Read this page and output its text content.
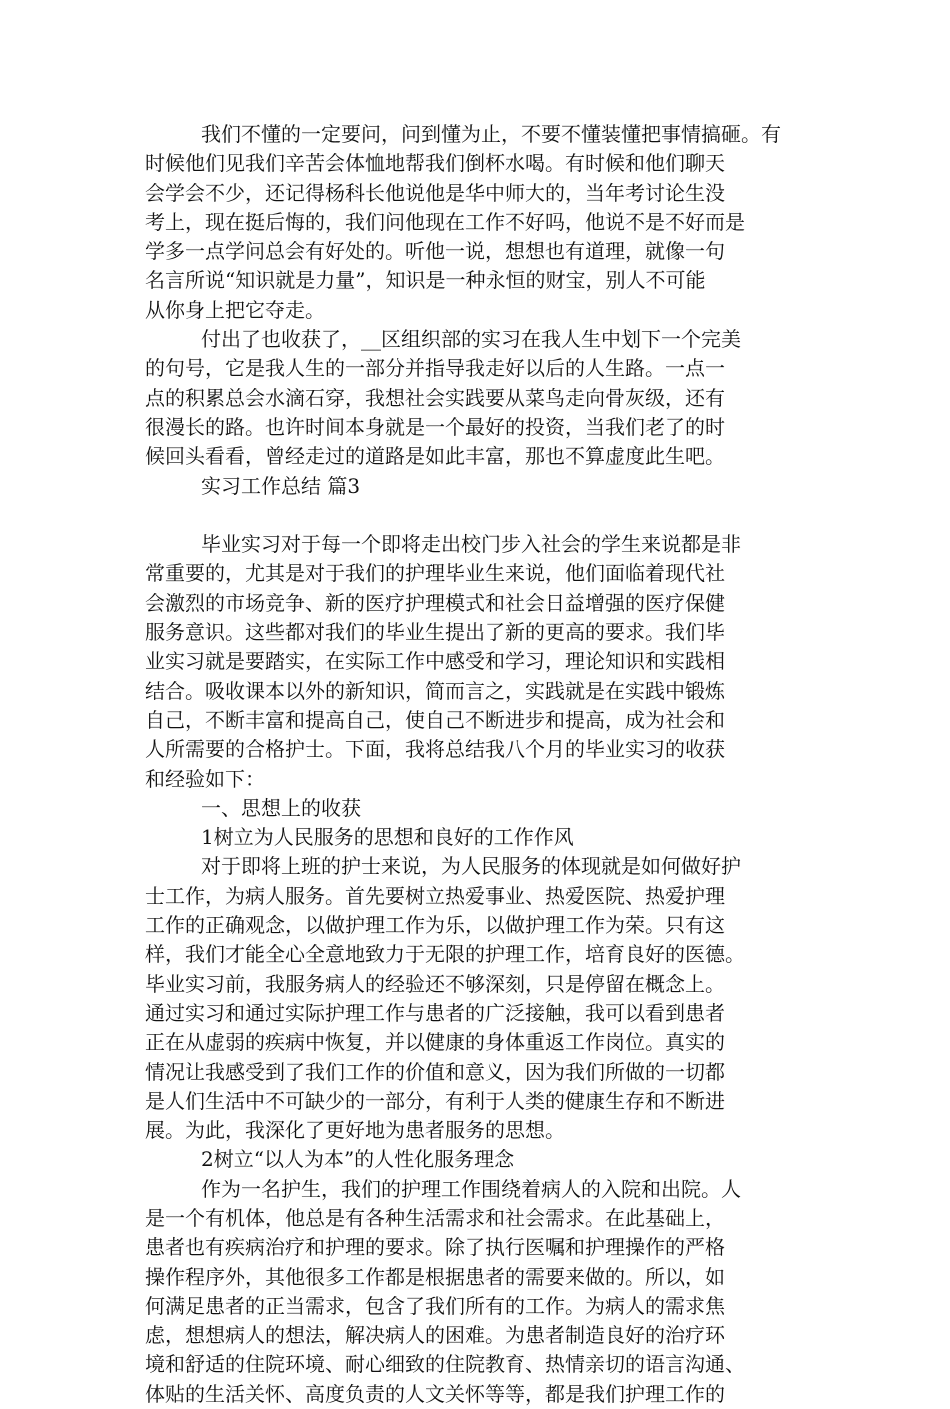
我们不懂的一定要问，问到懂为止，不要不懂装懂把事情搞砸。有
时候他们见我们辛苦会体恤地帮我们倒杯水喝。有时候和他们聊天
会学会不少，还记得杨科长他说他是华中师大的，当年考讨论生没
考上，现在挺后悔的，我们问他现在工作不好吗，他说不是不好而是
学多一点学问总会有好处的。听他一说，想想也有道理，就像一句
名言所说“知识就是力量”，知识是一种永恒的财宝，别人不可能
从你身上把它夺走。
付出了也收获了，__区组织部的实习在我人生中划下一个完美
的句号，它是我人生的一部分并指导我走好以后的人生路。一点一
点的积累总会水滴石穿，我想社会实践要从菜鸟走向骨灰级，还有
很漫长的路。也许时间本身就是一个最好的投资，当我们老了的时
候回头看看，曾经走过的道路是如此丰富，那也不算虚度此生吧。
实习工作总结 篇3
毕业实习对于每一个即将走出校门步入社会的学生来说都是非
常重要的，尤其是对于我们的护理毕业生来说，他们面临着现代社
会激烈的市场竞争、新的医疗护理模式和社会日益增强的医疗保健
服务意识。这些都对我们的毕业生提出了新的更高的要求。我们毕
业实习就是要踏实，在实际工作中感受和学习，理论知识和实践相
结合。吸收课本以外的新知识，简而言之，实践就是在实践中锻炼
自己，不断丰富和提高自己，使自己不断进步和提高，成为社会和
人所需要的合格护士。下面，我将总结我八个月的毕业实习的收获
和经验如下：
一、思想上的收获
1树立为人民服务的思想和良好的工作作风
对于即将上班的护士来说，为人民服务的体现就是如何做好护
士工作，为病人服务。首先要树立热爱事业、热爱医院、热爱护理
工作的正确观念，以做护理工作为乐，以做护理工作为荣。只有这
样，我们才能全心全意地致力于无限的护理工作，培育良好的医德。
毕业实习前，我服务病人的经验还不够深刻，只是停留在概念上。
通过实习和通过实际护理工作与患者的广泛接触，我可以看到患者
正在从虚弱的疾病中恢复，并以健康的身体重返工作岗位。真实的
情况让我感受到了我们工作的价值和意义，因为我们所做的一切都
是人们生活中不可缺少的一部分，有利于人类的健康生存和不断进
展。为此，我深化了更好地为患者服务的思想。
2树立“以人为本”的人性化服务理念
作为一名护生，我们的护理工作围绕着病人的入院和出院。人
是一个有机体，他总是有各种生活需求和社会需求。在此基础上，
患者也有疾病治疗和护理的要求。除了执行医嘱和护理操作的严格
操作程序外，其他很多工作都是根据患者的需要来做的。所以，如
何满足患者的正当需求，包含了我们所有的工作。为病人的需求焦
虑，想想病人的想法，解决病人的困难。为患者制造良好的治疗环
境和舒适的住院环境、耐心细致的住院教育、热情亲切的语言沟通、
体贴的生活关怀、高度负责的人文关怀等等，都是我们护理工作的
